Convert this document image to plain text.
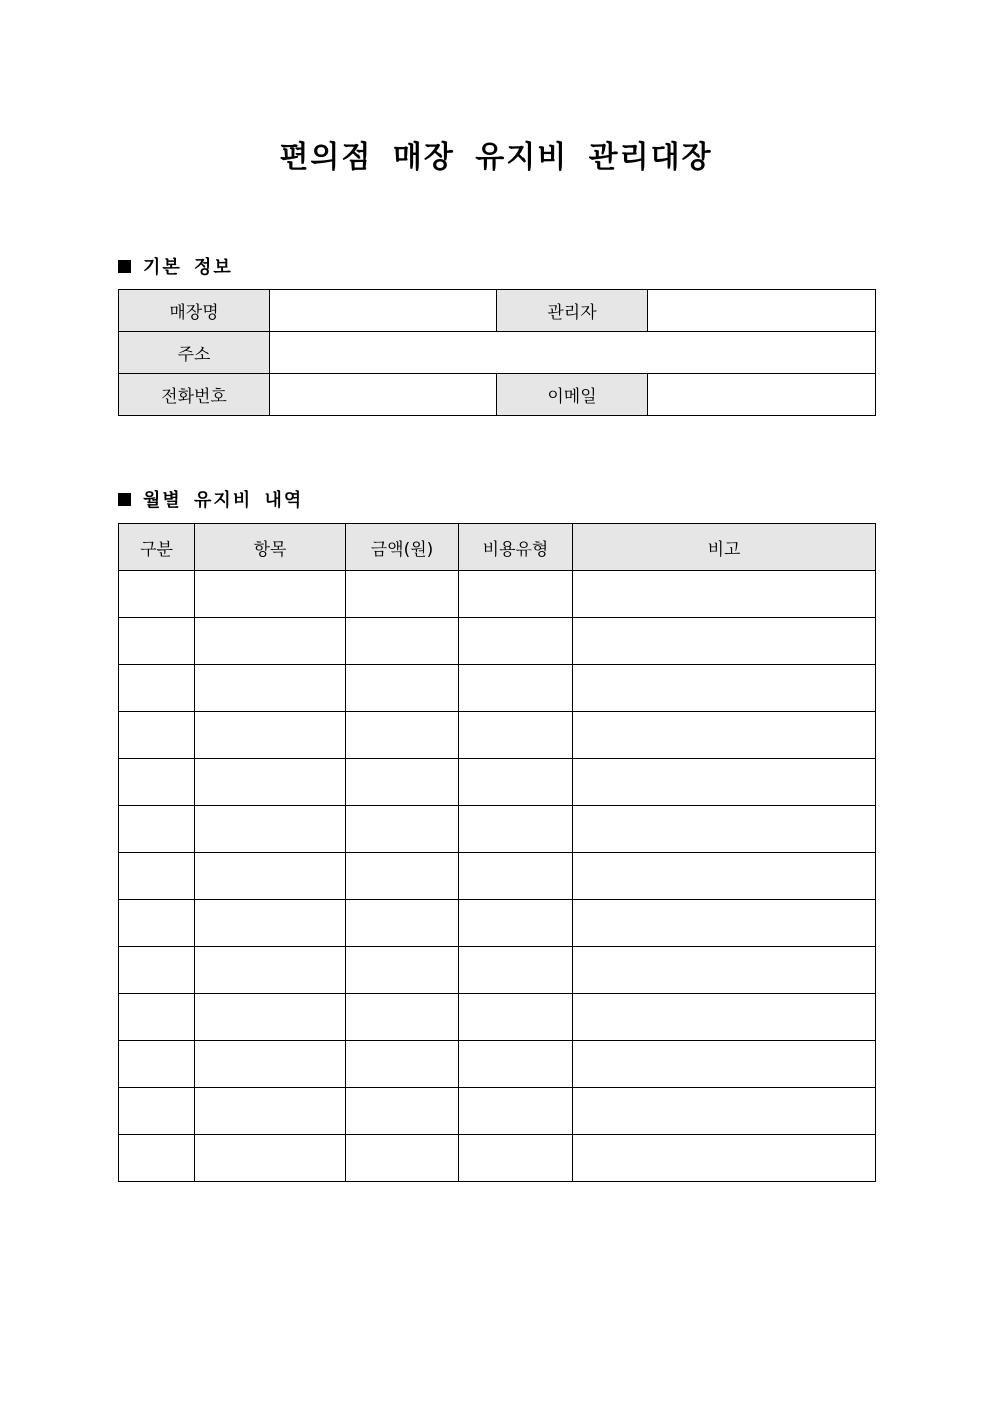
편의점 매장 유지비 관리대장
기본 정보
매장명		관리자	
주소			
전화번호		이메일	
월별 유지비 내역
구분	항목	금액(원)	비용유형	비고
